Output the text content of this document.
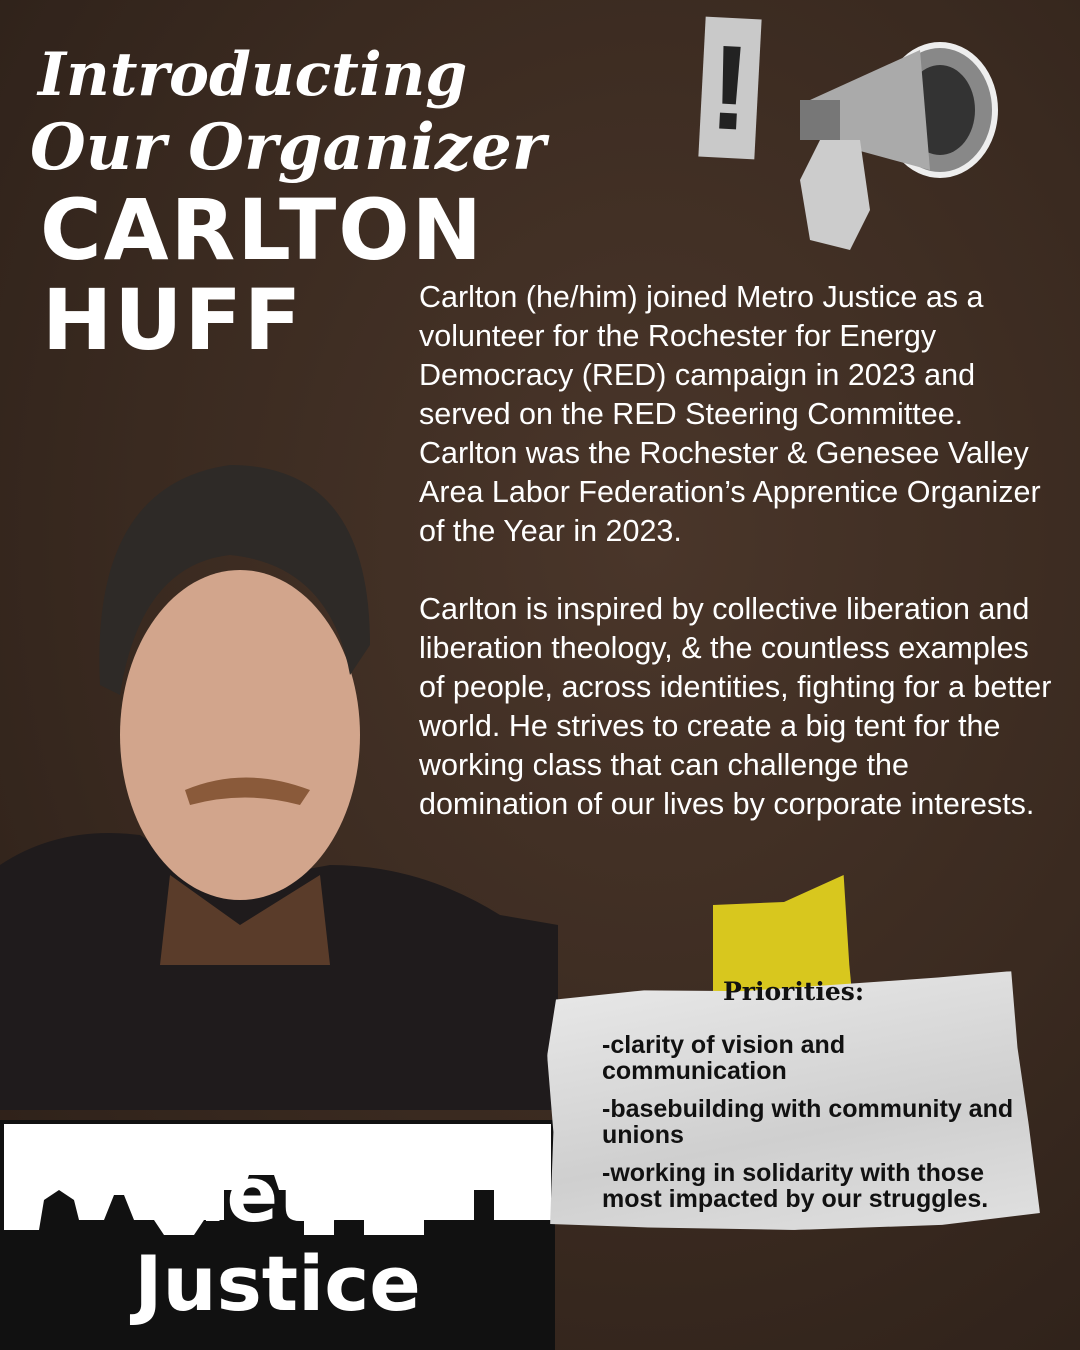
Introducting
Our Organizer
CARLTON
HUFF
!

Carlton (he/him) joined Metro Justice as a volunteer for the Rochester for Energy Democracy (RED) campaign in 2023 and served on the RED Steering Committee. Carlton was the Rochester & Genesee Valley Area Labor Federation’s Apprentice Organizer of the Year in 2023.

Carlton is inspired by collective liberation and liberation theology, & the countless examples of people, across identities, fighting for a better world. He strives to create a big tent for the working class that can challenge the domination of our lives by corporate interests.

Metro Justice
Priorities:
-clarity of vision and communication
-basebuilding with community and unions
-working in solidarity with those most impacted by our struggles.
